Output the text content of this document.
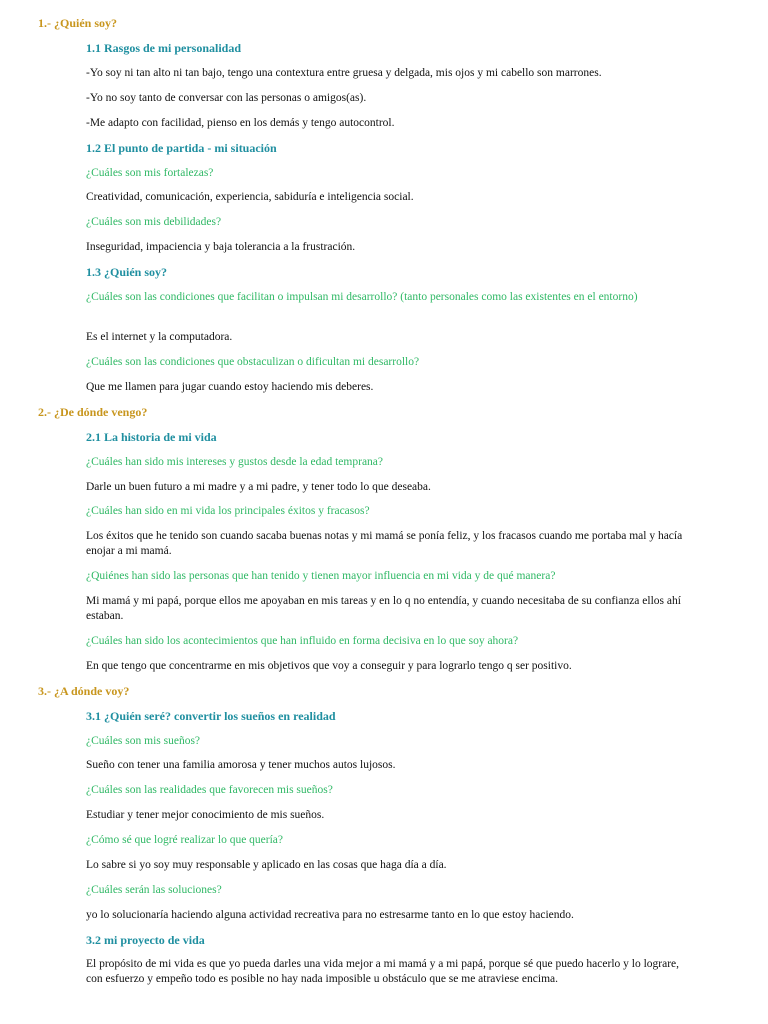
1.- ¿Quién soy?

1.1 Rasgos de mi personalidad

-Yo soy ni tan alto ni tan bajo, tengo una contextura entre gruesa y delgada, mis ojos y mi cabello son marrones.

-Yo no soy tanto de conversar con las personas o amigos(as).

-Me adapto con facilidad, pienso en los demás y tengo autocontrol.

1.2 El punto de partida - mi situación

¿Cuáles son mis fortalezas?

Creatividad, comunicación, experiencia, sabiduría e inteligencia social.

¿Cuáles son mis debilidades?

Inseguridad, impaciencia y baja tolerancia a la frustración.

1.3 ¿Quién soy?

¿Cuáles son las condiciones que facilitan o impulsan mi desarrollo? (tanto personales como las existentes en el entorno)

Es el internet y la computadora.

¿Cuáles son las condiciones que obstaculizan o dificultan mi desarrollo?

Que me llamen para jugar cuando estoy haciendo mis deberes.

2.- ¿De dónde vengo?

2.1 La historia de mi vida

¿Cuáles han sido mis intereses y gustos desde la edad temprana?

Darle un buen futuro a mi madre y a mi padre, y tener todo lo que deseaba.

¿Cuáles han sido en mi vida los principales éxitos y fracasos?

Los éxitos que he tenido son cuando sacaba buenas notas y mi mamá se ponía feliz, y los fracasos cuando me portaba mal y hacía enojar a mi mamá.

¿Quiénes han sido las personas que han tenido y tienen mayor influencia en mi vida y de qué manera?

Mi mamá y mi papá, porque ellos me apoyaban en mis tareas y en lo q no entendía, y cuando necesitaba de su confianza ellos ahí estaban.

¿Cuáles han sido los acontecimientos que han influido en forma decisiva en lo que soy ahora?

En que tengo que concentrarme en mis objetivos que voy a conseguir y para lograrlo tengo q ser positivo.

3.- ¿A dónde voy?

3.1 ¿Quién seré? convertir los sueños en realidad

¿Cuáles son mis sueños?

Sueño con tener una familia amorosa y tener muchos autos lujosos.

¿Cuáles son las realidades que favorecen mis sueños?

Estudiar y tener mejor conocimiento de mis sueños.

¿Cómo sé que logré realizar lo que quería?

Lo sabre si yo soy muy responsable y aplicado en las cosas que haga día a día.

¿Cuáles serán las soluciones?

yo lo solucionaría haciendo alguna actividad recreativa para no estresarme tanto en lo que estoy haciendo.

3.2 mi proyecto de vida

El propósito de mi vida es que yo pueda darles una vida mejor a mi mamá y a mi papá, porque sé que puedo hacerlo y lo lograre, con esfuerzo y empeño todo es posible no hay nada imposible u obstáculo que se me atraviese encima.
